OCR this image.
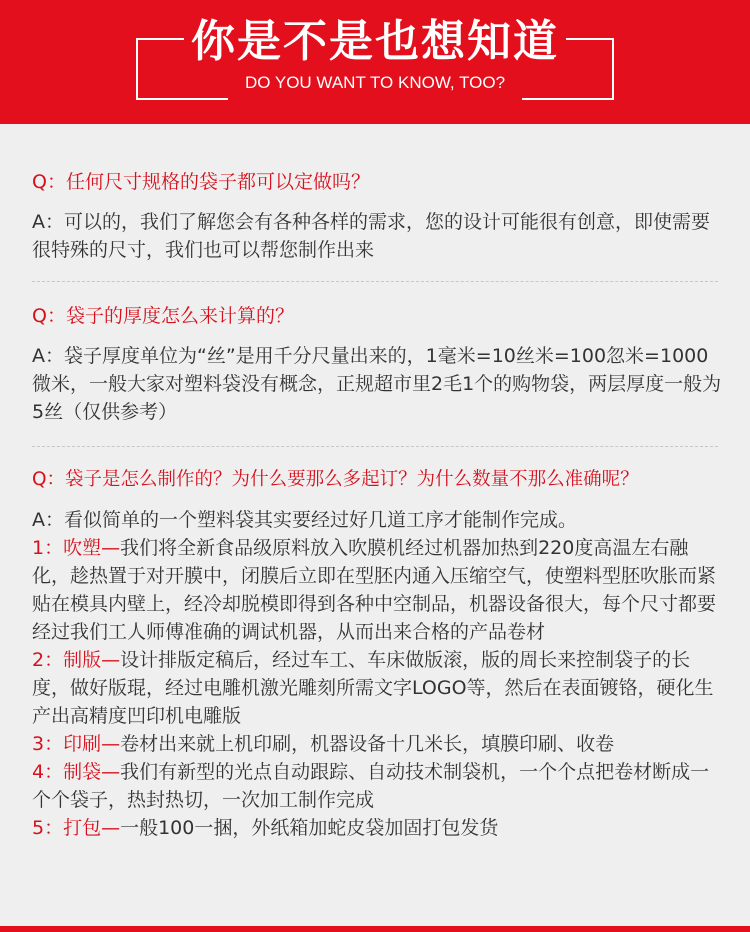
你是不是也想知道
DO YOU WANT TO KNOW, TOO?
Q：任何尺寸规格的袋子都可以定做吗？
A：可以的，我们了解您会有各种各样的需求，您的设计可能很有创意，即使需要很特殊的尺寸，我们也可以帮您制作出来
Q：袋子的厚度怎么来计算的？
A：袋子厚度单位为“丝”是用千分尺量出来的，1毫米=10丝米=100忽米=1000微米，一般大家对塑料袋没有概念，正规超市里2毛1个的购物袋，两层厚度一般为5丝（仅供参考）
Q：袋子是怎么制作的？为什么要那么多起订？为什么数量不那么准确呢？
A：看似简单的一个塑料袋其实要经过好几道工序才能制作完成。
1：吹塑—我们将全新食品级原料放入吹膜机经过机器加热到220度高温左右融化，趁热置于对开膜中，闭膜后立即在型胚内通入压缩空气，使塑料型胚吹胀而紧贴在模具内壁上，经冷却脱模即得到各种中空制品，机器设备很大，每个尺寸都要经过我们工人师傅准确的调试机器，从而出来合格的产品卷材
2：制版—设计排版定稿后，经过车工、车床做版滚，版的周长来控制袋子的长度，做好版琨，经过电雕机激光雕刻所需文字LOGO等，然后在表面镀铬，硬化生产出高精度凹印机电雕版
3：印刷—卷材出来就上机印刷，机器设备十几米长，填膜印刷、收卷
4：制袋—我们有新型的光点自动跟踪、自动技术制袋机，一个个点把卷材断成一个个袋子，热封热切，一次加工制作完成
5：打包—一般100一捆，外纸箱加蛇皮袋加固打包发货
